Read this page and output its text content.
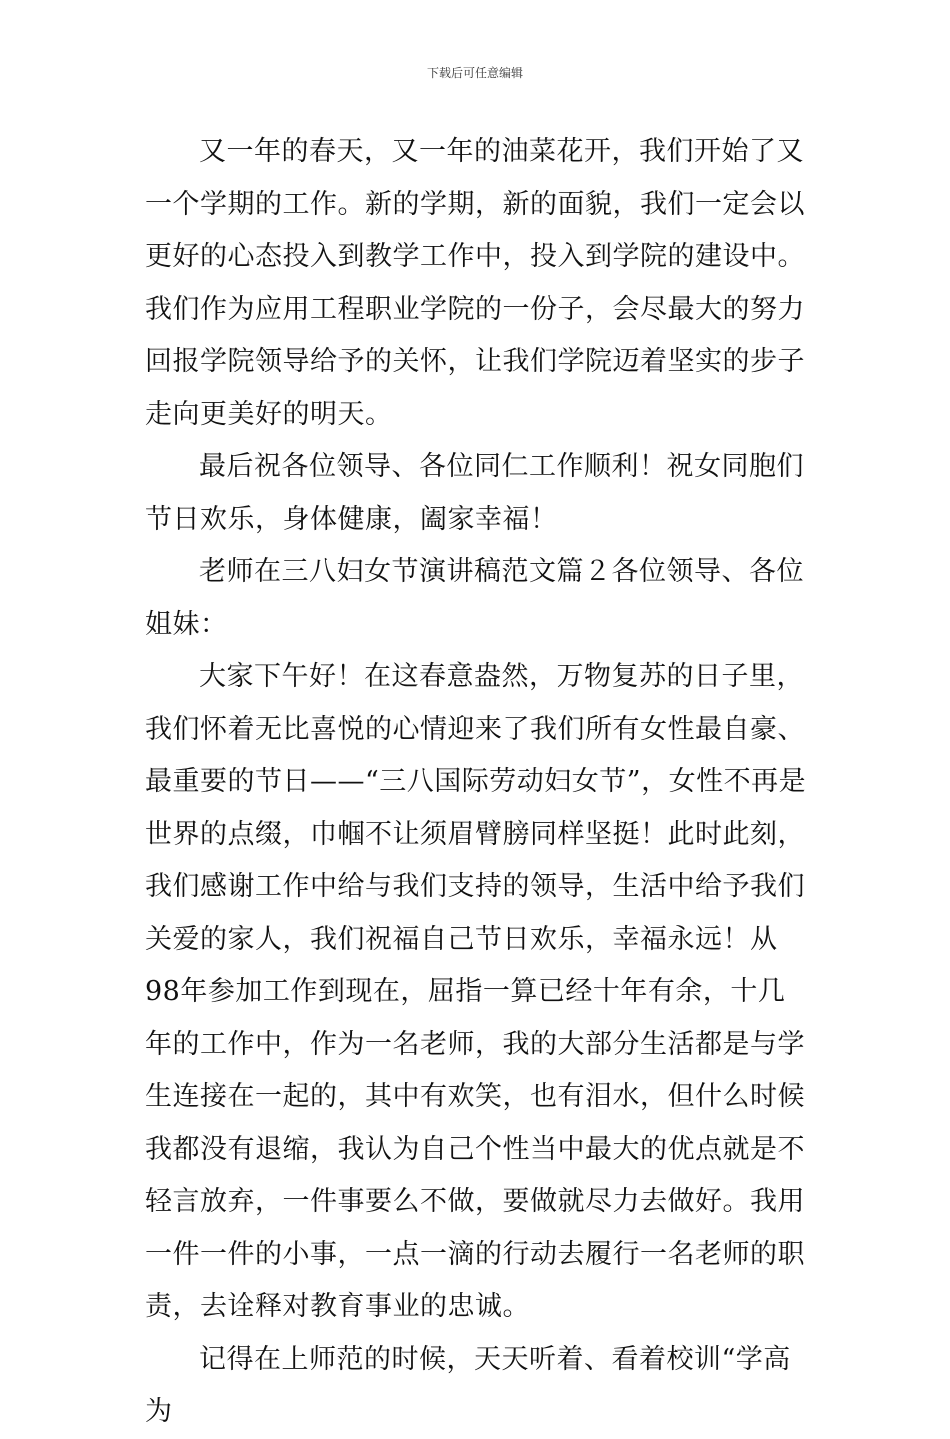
下载后可任意编辑

又一年的春天，又一年的油菜花开，我们开始了又一个学期的工作。新的学期，新的面貌，我们一定会以更好的心态投入到教学工作中，投入到学院的建设中。我们作为应用工程职业学院的一份子，会尽最大的努力回报学院领导给予的关怀，让我们学院迈着坚实的步子走向更美好的明天。

最后祝各位领导、各位同仁工作顺利！祝女同胞们节日欢乐，身体健康，阖家幸福！

老师在三八妇女节演讲稿范文篇２各位领导、各位姐妹：

大家下午好！在这春意盎然，万物复苏的日子里，我们怀着无比喜悦的心情迎来了我们所有女性最自豪、最重要的节日——“三八国际劳动妇女节”，女性不再是世界的点缀，巾帼不让须眉臂膀同样坚挺！此时此刻，我们感谢工作中给与我们支持的领导，生活中给予我们关爱的家人，我们祝福自己节日欢乐，幸福永远！从98年参加工作到现在，屈指一算已经十年有余，十几年的工作中，作为一名老师，我的大部分生活都是与学生连接在一起的，其中有欢笑，也有泪水，但什么时候我都没有退缩，我认为自己个性当中最大的优点就是不轻言放弃，一件事要么不做，要做就尽力去做好。我用一件一件的小事，一点一滴的行动去履行一名老师的职责，去诠释对教育事业的忠诚。

记得在上师范的时候，天天听着、看着校训“学高为
